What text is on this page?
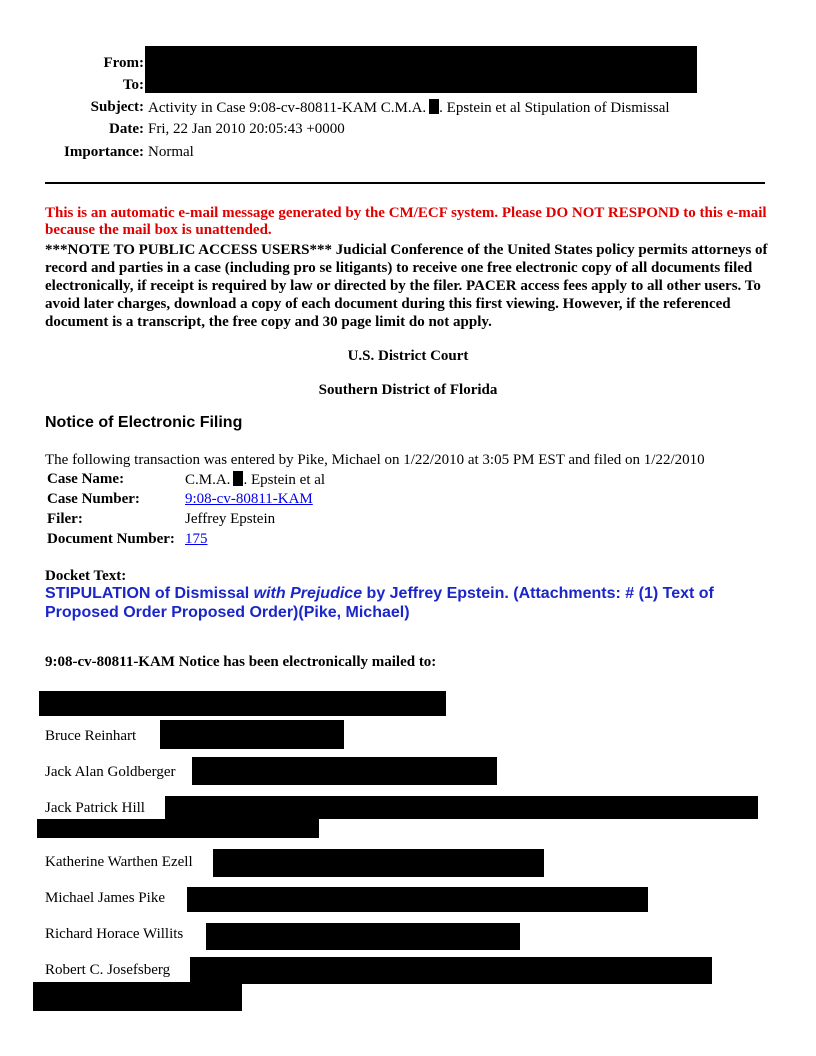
From:
To:
Subject: Activity in Case 9:08-cv-80811-KAM C.M.A. . Epstein et al Stipulation of Dismissal
Date: Fri, 22 Jan 2010 20:05:43 +0000
Importance: Normal
This is an automatic e-mail message generated by the CM/ECF system. Please DO NOT RESPOND to this e-mail because the mail box is unattended.
***NOTE TO PUBLIC ACCESS USERS*** Judicial Conference of the United States policy permits attorneys of record and parties in a case (including pro se litigants) to receive one free electronic copy of all documents filed electronically, if receipt is required by law or directed by the filer. PACER access fees apply to all other users. To avoid later charges, download a copy of each document during this first viewing. However, if the referenced document is a transcript, the free copy and 30 page limit do not apply.
U.S. District Court
Southern District of Florida
Notice of Electronic Filing
The following transaction was entered by Pike, Michael on 1/22/2010 at 3:05 PM EST and filed on 1/22/2010
Case Name:	C.M.A. . Epstein et al
Case Number:	9:08-cv-80811-KAM
Filer:	Jeffrey Epstein
Document Number: 175
Docket Text:
STIPULATION of Dismissal with Prejudice by Jeffrey Epstein. (Attachments: # (1) Text of Proposed Order Proposed Order)(Pike, Michael)
9:08-cv-80811-KAM Notice has been electronically mailed to:
Bruce Reinhart
Jack Alan Goldberger
Jack Patrick Hill
Katherine Warthen Ezell
Michael James Pike
Richard Horace Willits
Robert C. Josefsberg
